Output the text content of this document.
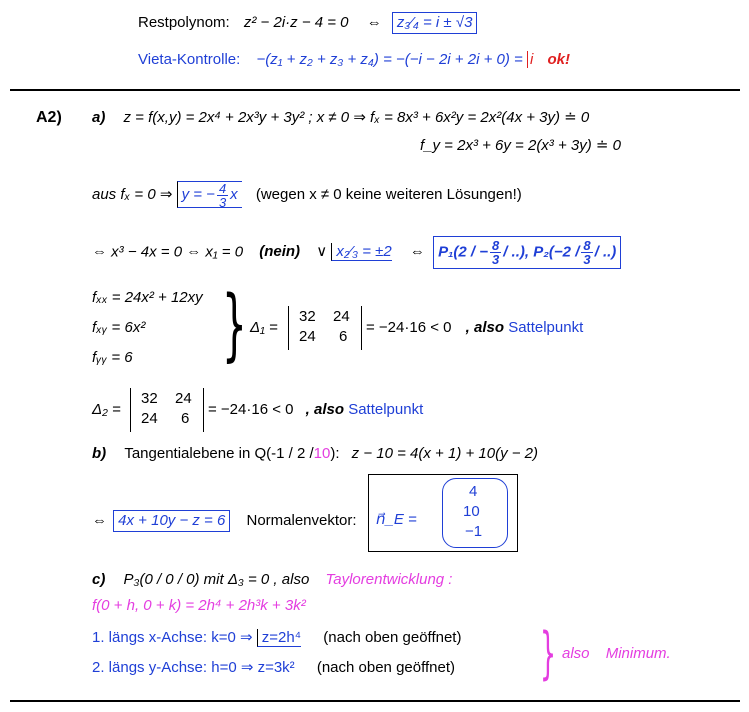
Restpolynom: z² − 2i·z − 4 = 0 ⇔ z₃⁄₄ = i ± √3
Vieta-Kontrolle: −(z₁ + z₂ + z₃ + z₄) = −(−i − 2i + 2i + 0) = i ok!
A2) a) z = f(x,y) = 2x⁴ + 2x³y + 3y² ; x ≠ 0 ⇒ fₓ = 8x³ + 6x²y = 2x²(4x + 3y) ≐ 0
f_y = 2x³ + 6y = 2(x³ + 3y) ≐ 0
aus fₓ = 0 ⇒ y = − $\frac{4}{3}$ x (wegen x ≠ 0 keine weiteren Lösungen!)
⇔ x³ − 4x = 0 ⇔ x₁ = 0 (nein) ∨ x₂⁄₃ = ±2 ⇔ P₁(2 / − $\frac{8}{3}$ / ..), $P_2(-2 / \frac{8}{3}$ / ..)
fₓₓ = 24x² + 12xy
fₓᵧ = 6x²
fᵧᵧ = 6 } Δ₁ =
32 24
24 6
= −24·16 < 0 , also Sattelpunkt
Δ₂ =
32 24
24 6
= −24·16 < 0 , also Sattelpunkt
b) Tangentialebene in Q(-1 / 2 /10): z − 10 = 4(x + 1) + 10(y − 2)
⇔ 4x + 10y − z = 6 Normalenvektor: n⃗_E =
4
10
−1
c) P₃(0 / 0 / 0) mit Δ₃ = 0 , also Taylorentwicklung :
f(0 + h, 0 + k) = 2h⁴ + 2h³k + 3k²
1. längs x-Achse: k=0 ⇒ z=2h⁴ (nach oben geöffnet)
2. längs y-Achse: h=0 ⇒ z=3k² (nach oben geöffnet) } also Minimum.
